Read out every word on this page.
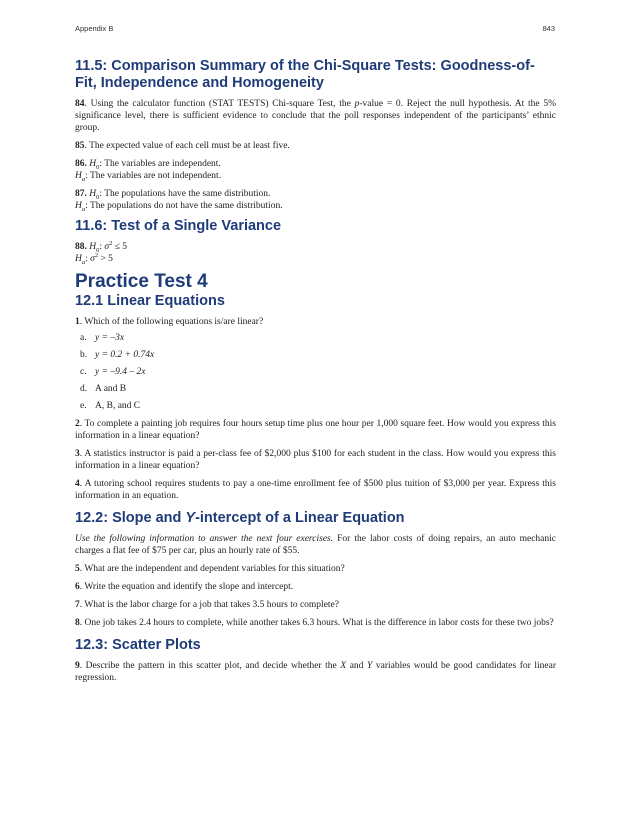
Appendix B	843
11.5: Comparison Summary of the Chi-Square Tests: Goodness-of-Fit, Independence and Homogeneity

84. Using the calculator function (STAT TESTS) Chi-square Test, the p-value = 0. Reject the null hypothesis. At the 5% significance level, there is sufficient evidence to conclude that the poll responses independent of the participants’ ethnic group.

85. The expected value of each cell must be at least five.

86. $H_0$: The variables are independent.

$H_a$: The variables are not independent.

87. $H_0$: The populations have the same distribution.

$H_a$: The populations do not have the same distribution.

11.6: Test of a Single Variance

88. $H_0$: $\sigma^2 \le 5$

$H_a$: $\sigma^2 > 5$

Practice Test 4
12.1 Linear Equations

1. Which of the following equations is/are linear?

a. y = –3x
b. y = 0.2 + 0.74x
c. y = –9.4 – 2x
d. A and B
e. A, B, and C

2. To complete a painting job requires four hours setup time plus one hour per 1,000 square feet. How would you express this information in a linear equation?

3. A statistics instructor is paid a per-class fee of $2,000 plus $100 for each student in the class. How would you express this information in a linear equation?

4. A tutoring school requires students to pay a one-time enrollment fee of $500 plus tuition of $3,000 per year. Express this information in an equation.

12.2: Slope and Y-intercept of a Linear Equation

Use the following information to answer the next four exercises. For the labor costs of doing repairs, an auto mechanic charges a flat fee of $75 per car, plus an hourly rate of $55.

5. What are the independent and dependent variables for this situation?

6. Write the equation and identify the slope and intercept.

7. What is the labor charge for a job that takes 3.5 hours to complete?

8. One job takes 2.4 hours to complete, while another takes 6.3 hours. What is the difference in labor costs for these two jobs?

12.3: Scatter Plots

9. Describe the pattern in this scatter plot, and decide whether the X and Y variables would be good candidates for linear regression.
